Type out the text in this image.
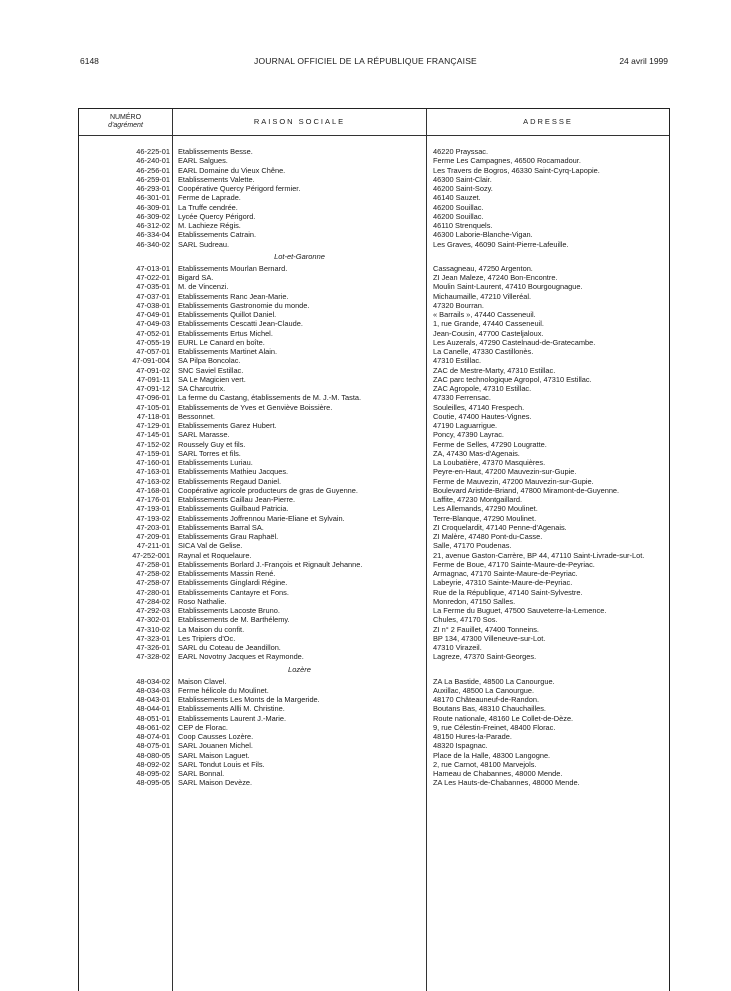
6148	JOURNAL OFFICIEL DE LA RÉPUBLIQUE FRANÇAISE	24 avril 1999
NUMÉRO
d'agrément	RAISON SOCIALE	ADRESSE
46-225-01 Etablissements Besse.	46220 Prayssac.
46-240-01 EARL Salgues.	Ferme Les Campagnes, 46500 Rocamadour.
46-256-01 EARL Domaine du Vieux Chêne.	Les Travers de Bogros, 46330 Saint-Cyrq-Lapopie.
46-259-01 Etablissements Valette.	46300 Saint-Clair.
46-293-01 Coopérative Quercy Périgord fermier.	46200 Saint-Sozy.
46-301-01 Ferme de Laprade.	46140 Sauzet.
46-309-01 La Truffe cendrée.	46200 Souillac.
46-309-02 Lycée Quercy Périgord.	46200 Souillac.
46-312-02 M. Lachieze Régis.	46110 Strenquels.
46-334-04 Etablissements Catrain.	46300 Laborie-Blanche-Vigan.
46-340-02 SARL Sudreau.	Les Graves, 46090 Saint-Pierre-Lafeuille.
Lot-et-Garonne
47-013-01 Etablissements Mourlan Bernard.	Cassagneau, 47250 Argenton.
47-022-01 Bigard SA.	ZI Jean Maleze, 47240 Bon-Encontre.
47-035-01 M. de Vincenzi.	Moulin Saint-Laurent, 47410 Bourgougnague.
47-037-01 Etablissements Ranc Jean-Marie.	Michaumaille, 47210 Villeréal.
47-038-01 Etablissements Gastronomie du monde.	47320 Bourran.
47-049-01 Etablissements Quillot Daniel.	« Barrails », 47440 Casseneuil.
47-049-03 Etablissements Cescatti Jean-Claude.	1, rue Grande, 47440 Casseneuil.
47-052-01 Etablissements Ertus Michel.	Jean-Cousin, 47700 Casteljaloux.
47-055-19 EURL Le Canard en boîte.	Les Auzerals, 47290 Castelnaud-de-Gratecambe.
47-057-01 Etablissements Martinet Alain.	La Canelle, 47330 Castillonès.
47-091-004 SA Pilpa Boncolac.	47310 Estillac.
47-091-02 SNC Saviel Estillac.	ZAC de Mestre-Marty, 47310 Estillac.
47-091-11 SA Le Magicien vert.	ZAC parc technologique Agropol, 47310 Estillac.
47-091-12 SA Charcutrix.	ZAC Agropole, 47310 Estillac.
47-096-01 La ferme du Castang, établissements de M. J.-M. Tasta.	47330 Ferrensac.
47-105-01 Etablissements de Yves et Genviève Boissière.	Souleilles, 47140 Frespech.
47-118-01 Bessonnet.	Coutie, 47400 Hautes-Vignes.
47-129-01 Etablissements Garez Hubert.	47190 Laguarrigue.
47-145-01 SARL Marasse.	Poncy, 47390 Layrac.
47-152-02 Roussely Guy et fils.	Ferme de Selles, 47290 Lougratte.
47-159-01 SARL Torres et fils.	ZA, 47430 Mas-d'Agenais.
47-160-01 Etablissements Luriau.	La Loubatière, 47370 Masquières.
47-163-01 Etablissements Mathieu Jacques.	Peyre-en-Haut, 47200 Mauvezin-sur-Gupie.
47-163-02 Etablissements Regaud Daniel.	Ferme de Mauvezin, 47200 Mauvezin-sur-Gupie.
47-168-01 Coopérative agricole producteurs de gras de Guyenne.	Boulevard Aristide-Briand, 47800 Miramont-de-Guyenne.
47-176-01 Etablissements Caillau Jean-Pierre.	Laffite, 47230 Montgaillard.
47-193-01 Etablissements Guilbaud Patricia.	Les Allemands, 47290 Moulinet.
47-193-02 Etablissements Joffrennou Marie-Eliane et Sylvain.	Terre-Blanque, 47290 Moulinet.
47-203-01 Etablissements Barral SA.	ZI Croquelardit, 47140 Penne-d'Agenais.
47-209-01 Etablissements Grau Raphaël.	ZI Malère, 47480 Pont-du-Casse.
47-211-01 SICA Val de Gelise.	Salle, 47170 Poudenas.
47-252-001 Raynal et Roquelaure.	21, avenue Gaston-Carrère, BP 44, 47110 Saint-Livrade-sur-Lot.
47-258-01 Etablissements Borlard J.-François et Rignault Jehanne.	Ferme de Boue, 47170 Sainte-Maure-de-Peyriac.
47-258-02 Etablissements Massin René.	Armagnac, 47170 Sainte-Maure-de-Peyriac.
47-258-07 Etablissements Ginglardi Régine.	Labeyrie, 47310 Sainte-Maure-de-Peyriac.
47-280-01 Etablissements Cantayre et Fons.	Rue de la République, 47140 Saint-Sylvestre.
47-284-02 Roso Nathalie.	Monredon, 47150 Salles.
47-292-03 Etablissements Lacoste Bruno.	La Ferme du Buguet, 47500 Sauveterre-la-Lemence.
47-302-01 Etablissements de M. Barthélemy.	Chules, 47170 Sos.
47-310-02 La Maison du confit.	ZI n° 2 Fauillet, 47400 Tonneins.
47-323-01 Les Tripiers d'Oc.	BP 134, 47300 Villeneuve-sur-Lot.
47-326-01 SARL du Coteau de Jeandillon.	47310 Virazeil.
47-328-02 EARL Novotny Jacques et Raymonde.	Lagreze, 47370 Saint-Georges.
Lozère
48-034-02 Maison Clavel.	ZA La Bastide, 48500 La Canourgue.
48-034-03 Ferme hélicole du Moulinet.	Auxillac, 48500 La Canourgue.
48-043-01 Etablissements Les Monts de la Margeride.	48170 Châteauneuf-de-Randon.
48-044-01 Etablissements Allli M. Christine.	Boutans Bas, 48310 Chauchailles.
48-051-01 Etablissements Laurent J.-Marie.	Route nationale, 48160 Le Collet-de-Dèze.
48-061-02 CEP de Florac.	9, rue Célestin-Freinet, 48400 Florac.
48-074-01 Coop Causses Lozère.	48150 Hures-la-Parade.
48-075-01 SARL Jouanen Michel.	48320 Ispagnac.
48-080-05 SARL Maison Laguet.	Place de la Halle, 48300 Langogne.
48-092-02 SARL Tondut Louis et Fils.	2, rue Carnot, 48100 Marvejols.
48-095-02 SARL Bonnal.	Hameau de Chabannes, 48000 Mende.
48-095-05 SARL Maison Devèze.	ZA Les Hauts-de-Chabannes, 48000 Mende.
